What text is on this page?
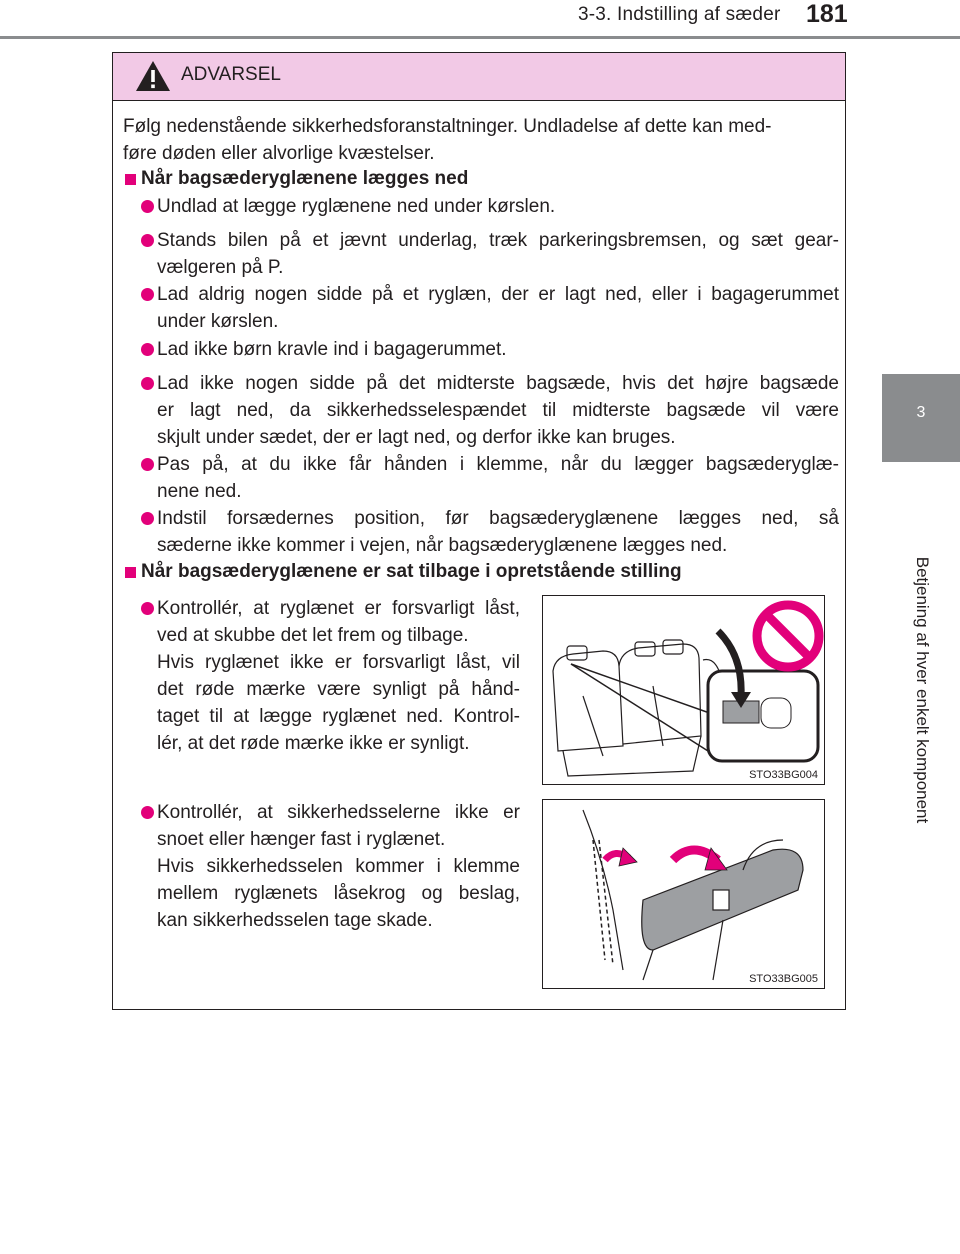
3-3. Indstilling af sæder 181
3
Betjening af hver enkelt komponent
ADVARSEL
Følg nedenstående sikkerhedsforanstaltninger. Undladelse af dette kan med-
føre døden eller alvorlige kvæstelser.
Når bagsæderyglænene lægges ned
Undlad at lægge ryglænene ned under kørslen.
Stands bilen på et jævnt underlag, træk parkeringsbremsen, og sæt gear-
vælgeren på P.
Lad aldrig nogen sidde på et ryglæn, der er lagt ned, eller i bagagerummet
under kørslen.
Lad ikke børn kravle ind i bagagerummet.
Lad ikke nogen sidde på det midterste bagsæde, hvis det højre bagsæde
er lagt ned, da sikkerhedsselespændet til midterste bagsæde vil være
skjult under sædet, der er lagt ned, og derfor ikke kan bruges.
Pas på, at du ikke får hånden i klemme, når du lægger bagsæderyglæ-
nene ned.
Indstil forsædernes position, før bagsæderyglænene lægges ned, så
sæderne ikke kommer i vejen, når bagsæderyglænene lægges ned.
Når bagsæderyglænene er sat tilbage i opretstående stilling
Kontrollér, at ryglænet er forsvarligt låst,
ved at skubbe det let frem og tilbage.
Hvis ryglænet ikke er forsvarligt låst, vil
det røde mærke være synligt på hånd-
taget til at lægge ryglænet ned. Kontrol-
lér, at det røde mærke ikke er synligt.
STO33BG004
Kontrollér, at sikkerhedsselerne ikke er
snoet eller hænger fast i ryglænet.
Hvis sikkerhedsselen kommer i klemme
mellem ryglænets låsekrog og beslag,
kan sikkerhedsselen tage skade.
STO33BG005
